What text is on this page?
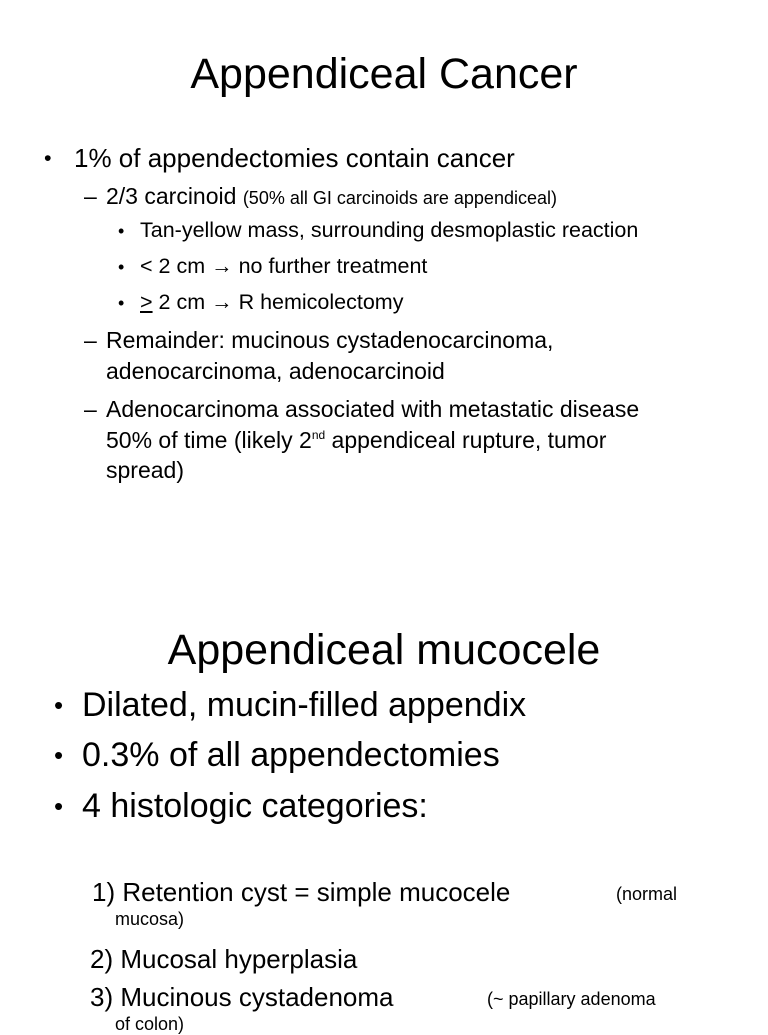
Appendiceal Cancer
• 1% of appendectomies contain cancer
– 2/3 carcinoid (50% all GI carcinoids are appendiceal)
• Tan-yellow mass, surrounding desmoplastic reaction
• < 2 cm → no further treatment
• ≥ 2 cm → R hemicolectomy
– Remainder: mucinous cystadenocarcinoma,
adenocarcinoma, adenocarcinoid
– Adenocarcinoma associated with metastatic disease
50% of time (likely 2nd appendiceal rupture, tumor
spread)
Appendiceal mucocele
• Dilated, mucin-filled appendix
• 0.3% of all appendectomies
• 4 histologic categories:
1) Retention cyst = simple mucocele	(normal
mucosa)
2) Mucosal hyperplasia
3) Mucinous cystadenoma	(~ papillary adenoma
of colon)
